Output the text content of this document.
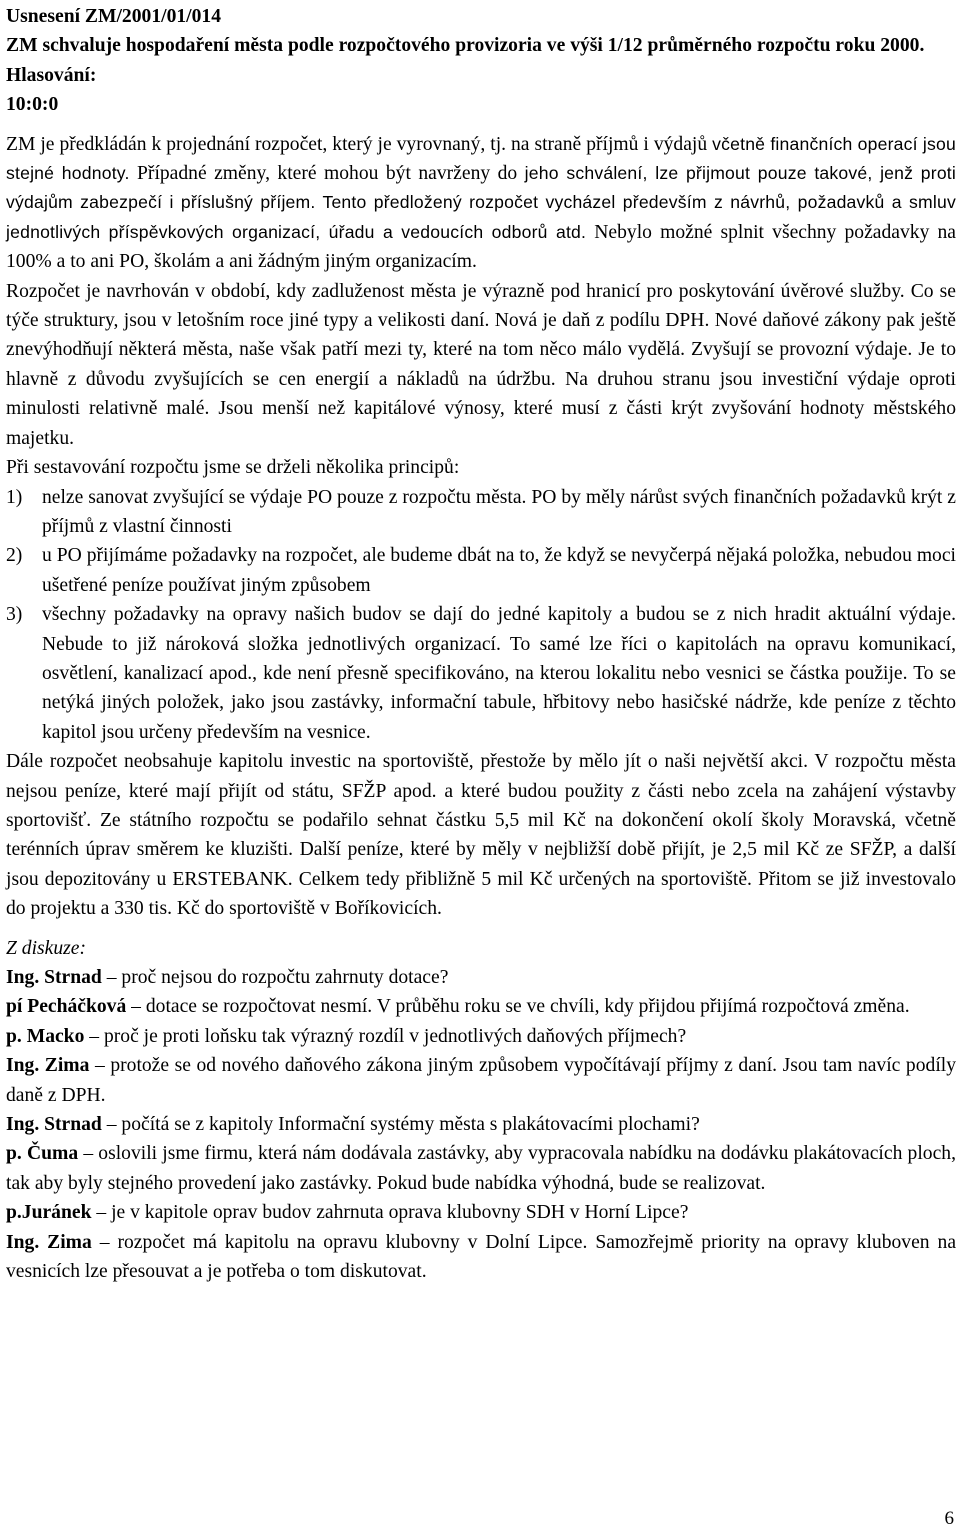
Usnesení ZM/2001/01/014

ZM schvaluje hospodaření města podle rozpočtového provizoria ve výši 1/12 průměrného rozpočtu roku 2000.

Hlasování:

10:0:0

ZM je předkládán k projednání rozpočet, který je vyrovnaný, tj. na straně příjmů i výdajů včetně finančních operací jsou stejné hodnoty. Případné změny, které mohou být navrženy do jeho schválení, lze přijmout pouze takové, jenž proti výdajům zabezpečí i příslušný příjem. Tento předložený rozpočet vycházel především z návrhů, požadavků a smluv jednotlivých příspěvkových organizací, úřadu a vedoucích odborů atd. Nebylo možné splnit všechny požadavky na 100% a to ani PO, školám a ani žádným jiným organizacím.

Rozpočet je navrhován v období, kdy zadluženost města je výrazně pod hranicí pro poskytování úvěrové služby. Co se týče struktury, jsou v letošním roce jiné typy a velikosti daní. Nová je daň z podílu DPH. Nové daňové zákony pak ještě znevýhodňují některá města, naše však patří mezi ty, které na tom něco málo vydělá. Zvyšují se provozní výdaje. Je to hlavně z důvodu zvyšujících se cen energií a nákladů na údržbu. Na druhou stranu jsou investiční výdaje oproti minulosti relativně malé. Jsou menší než kapitálové výnosy, které musí z části krýt zvyšování hodnoty městského majetku.

Při sestavování rozpočtu jsme se drželi několika principů:

1) nelze sanovat zvyšující se výdaje PO pouze z rozpočtu města. PO by měly nárůst svých finančních požadavků krýt z příjmů z vlastní činnosti
2) u PO přijímáme požadavky na rozpočet, ale budeme dbát na to, že když se nevyčerpá nějaká položka, nebudou moci ušetřené peníze používat jiným způsobem
3) všechny požadavky na opravy našich budov se dají do jedné kapitoly a budou se z nich hradit aktuální výdaje. Nebude to již nároková složka jednotlivých organizací. To samé lze říci o kapitolách na opravu komunikací, osvětlení, kanalizací apod., kde není přesně specifikováno, na kterou lokalitu nebo vesnici se částka použije. To se netýká jiných položek, jako jsou zastávky, informační tabule, hřbitovy nebo hasičské nádrže, kde peníze z těchto kapitol jsou určeny především na vesnice.

Dále rozpočet neobsahuje kapitolu investic na sportoviště, přestože by mělo jít o naši největší akci. V rozpočtu města nejsou peníze, které mají přijít od státu, SFŽP apod. a které budou použity z části nebo zcela na zahájení výstavby sportovišť. Ze státního rozpočtu se podařilo sehnat částku 5,5 mil Kč na dokončení okolí školy Moravská, včetně terénních úprav směrem ke kluzišti. Další peníze, které by měly v nejbližší době přijít, je 2,5 mil Kč ze SFŽP, a další jsou depozitovány u ERSTEBANK. Celkem tedy přibližně 5 mil Kč určených na sportoviště. Přitom se již investovalo do projektu a 330 tis. Kč do sportoviště v Boříkovicích.

Z diskuze:

Ing. Strnad – proč nejsou do rozpočtu zahrnuty dotace?

pí Pecháčková – dotace se rozpočtovat nesmí. V průběhu roku se ve chvíli, kdy přijdou přijímá rozpočtová změna.

p. Macko – proč je proti loňsku tak výrazný rozdíl v jednotlivých daňových příjmech?

Ing. Zima – protože se od nového daňového zákona jiným způsobem vypočítávají příjmy z daní. Jsou tam navíc podíly daně z DPH.

Ing. Strnad – počítá se z kapitoly Informační systémy města s plakátovacími plochami?

p. Čuma – oslovili jsme firmu, která nám dodávala zastávky, aby vypracovala nabídku na dodávku plakátovacích ploch, tak aby byly stejného provedení jako zastávky. Pokud bude nabídka výhodná, bude se realizovat.

p.Juránek – je v kapitole oprav budov zahrnuta oprava klubovny SDH v Horní Lipce?

Ing. Zima – rozpočet má kapitolu na opravu klubovny v Dolní Lipce. Samozřejmě priority na opravy kluboven na vesnicích lze přesouvat a je potřeba o tom diskutovat.

6
